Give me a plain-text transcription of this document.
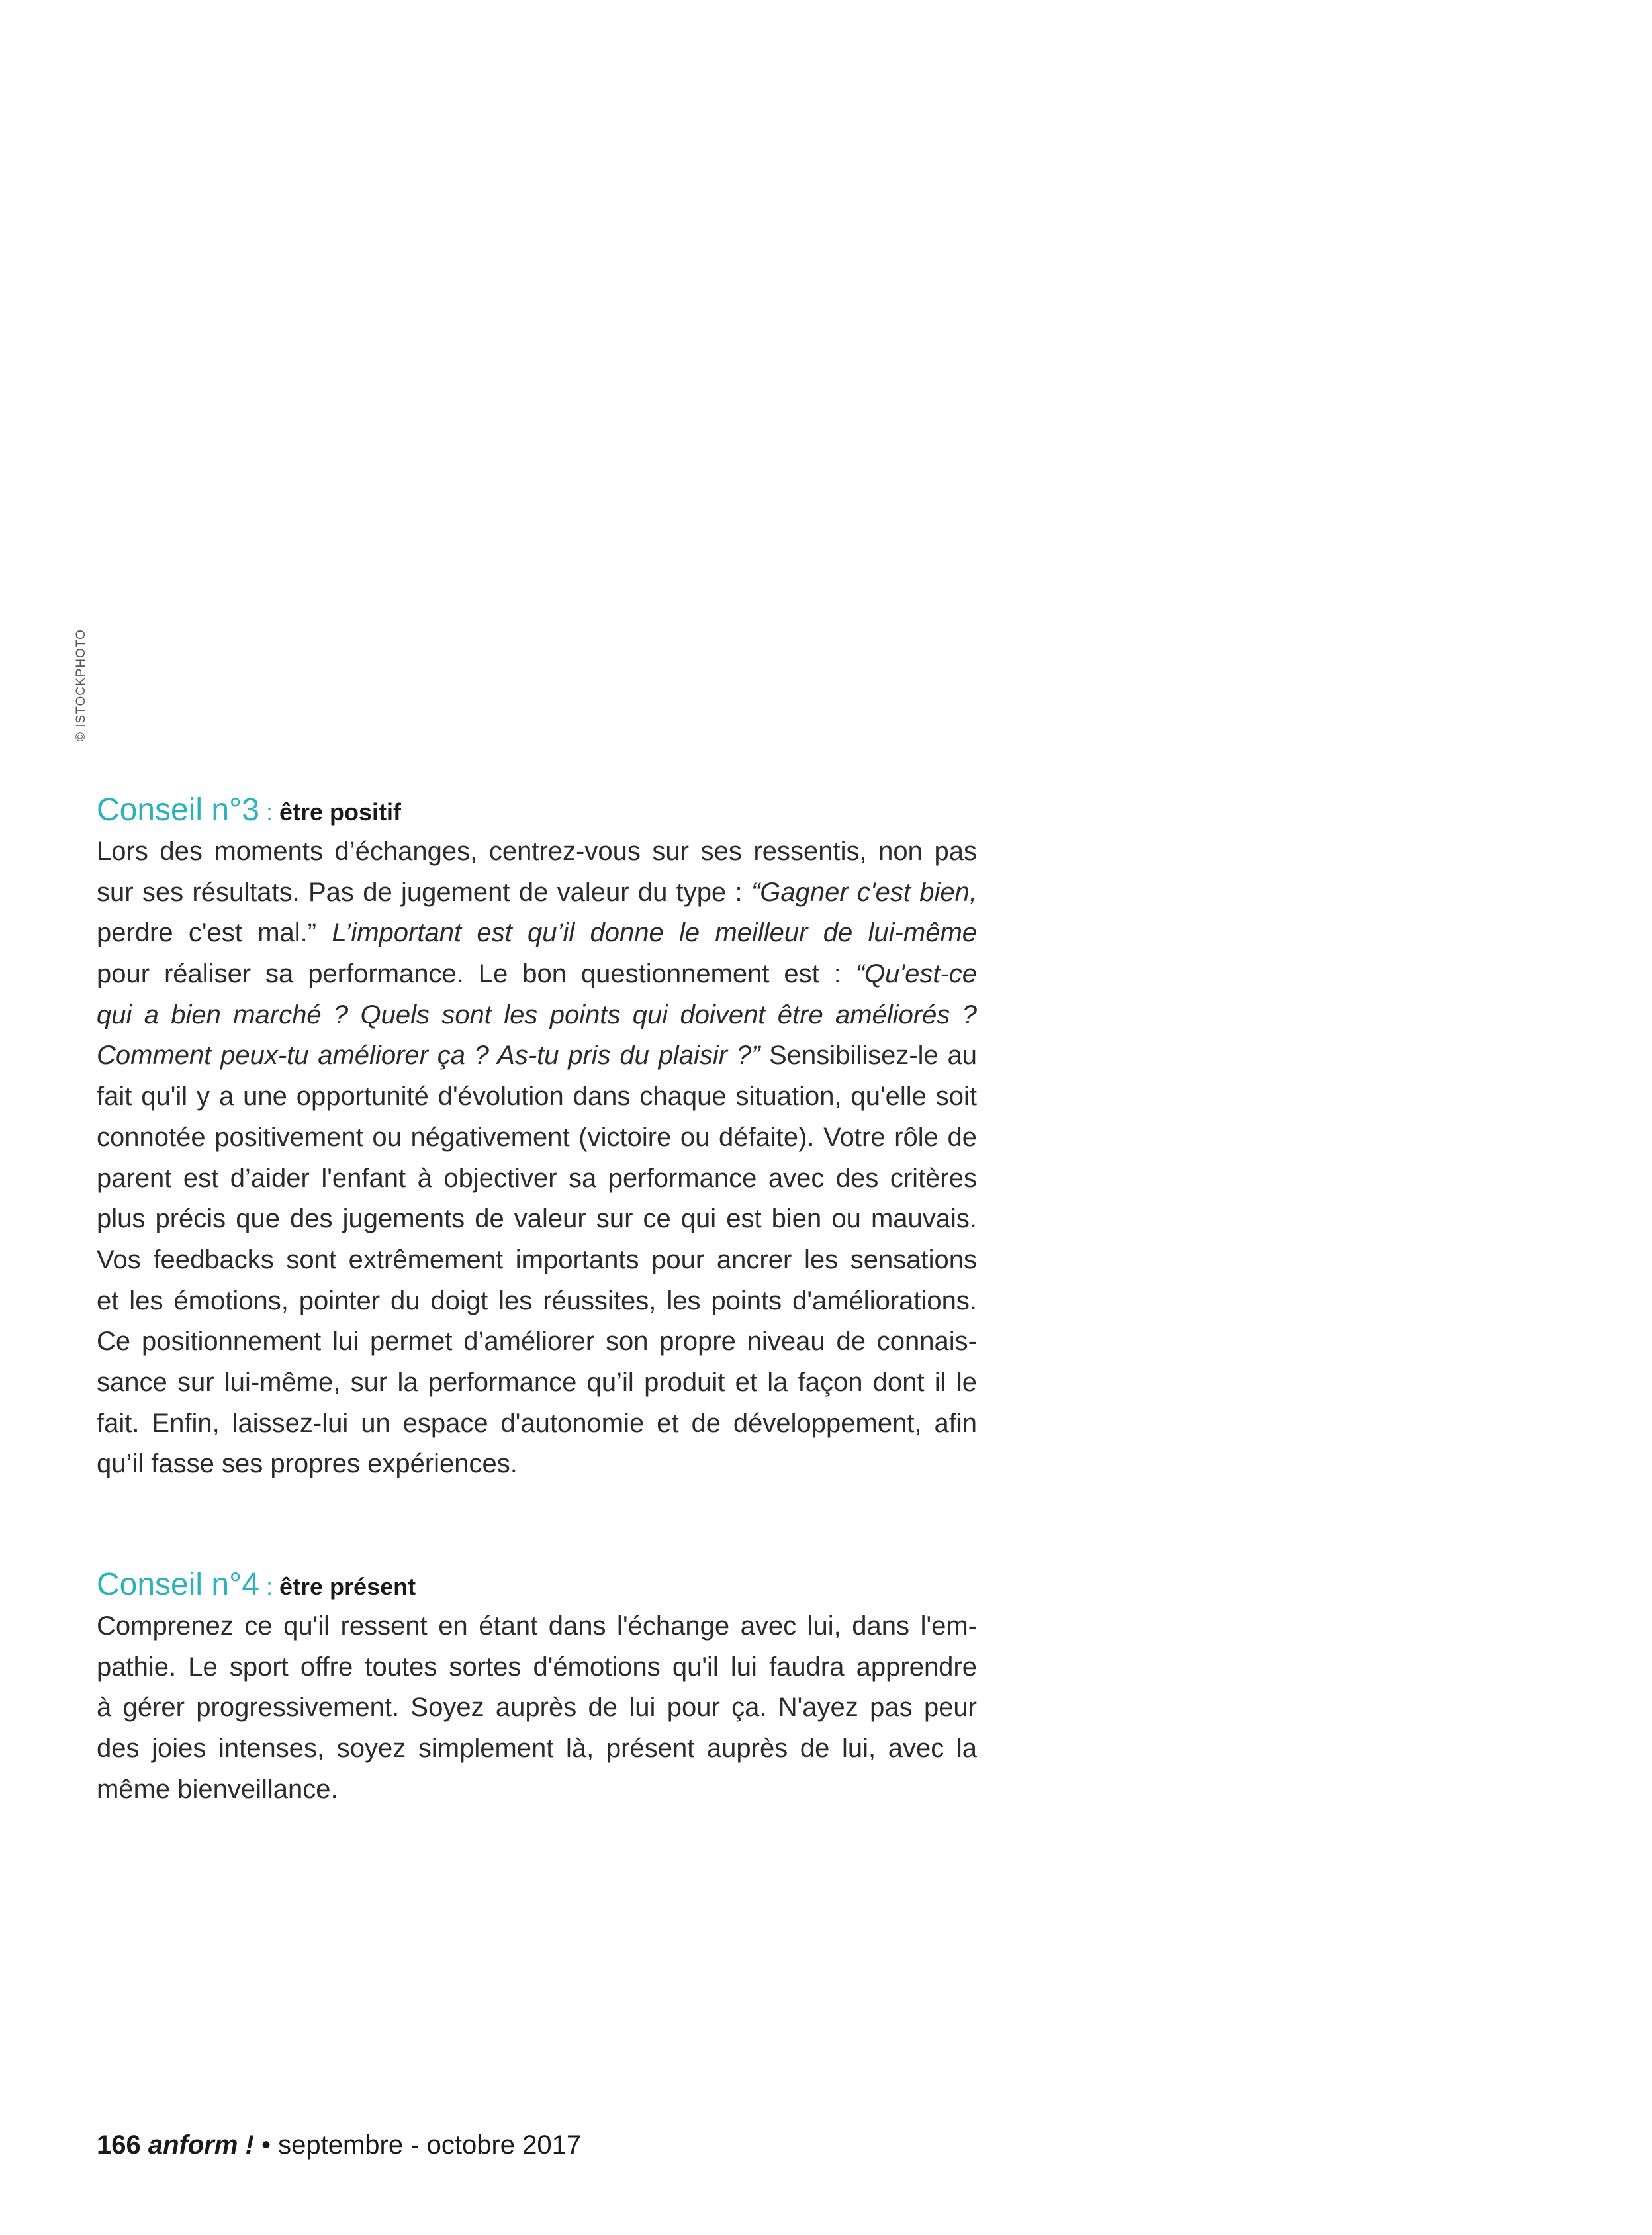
© ISTOCKPHOTO
Conseil n°3 : être positif
Lors des moments d’échanges, centrez-vous sur ses ressentis, non pas
sur ses résultats. Pas de jugement de valeur du type : “Gagner c'est bien,
perdre c'est mal.” L’important est qu’il donne le meilleur de lui-même
pour réaliser sa performance. Le bon questionnement est : “Qu'est-ce
qui a bien marché ? Quels sont les points qui doivent être améliorés ?
Comment peux-tu améliorer ça ? As-tu pris du plaisir ?” Sensibilisez-le au
fait qu'il y a une opportunité d'évolution dans chaque situation, qu'elle soit
connotée positivement ou négativement (victoire ou défaite). Votre rôle de
parent est d’aider l'enfant à objectiver sa performance avec des critères
plus précis que des jugements de valeur sur ce qui est bien ou mauvais.
Vos feedbacks sont extrêmement importants pour ancrer les sensations
et les émotions, pointer du doigt les réussites, les points d'améliorations.
Ce positionnement lui permet d’améliorer son propre niveau de connais-
sance sur lui-même, sur la performance qu’il produit et la façon dont il le
fait. Enfin, laissez-lui un espace d'autonomie et de développement, afin
qu’il fasse ses propres expériences.
Conseil n°4 : être présent
Comprenez ce qu'il ressent en étant dans l'échange avec lui, dans l'em-
pathie. Le sport offre toutes sortes d'émotions qu'il lui faudra apprendre
à gérer progressivement. Soyez auprès de lui pour ça. N'ayez pas peur
des joies intenses, soyez simplement là, présent auprès de lui, avec la
même bienveillance.
166 anform ! • septembre - octobre 2017
